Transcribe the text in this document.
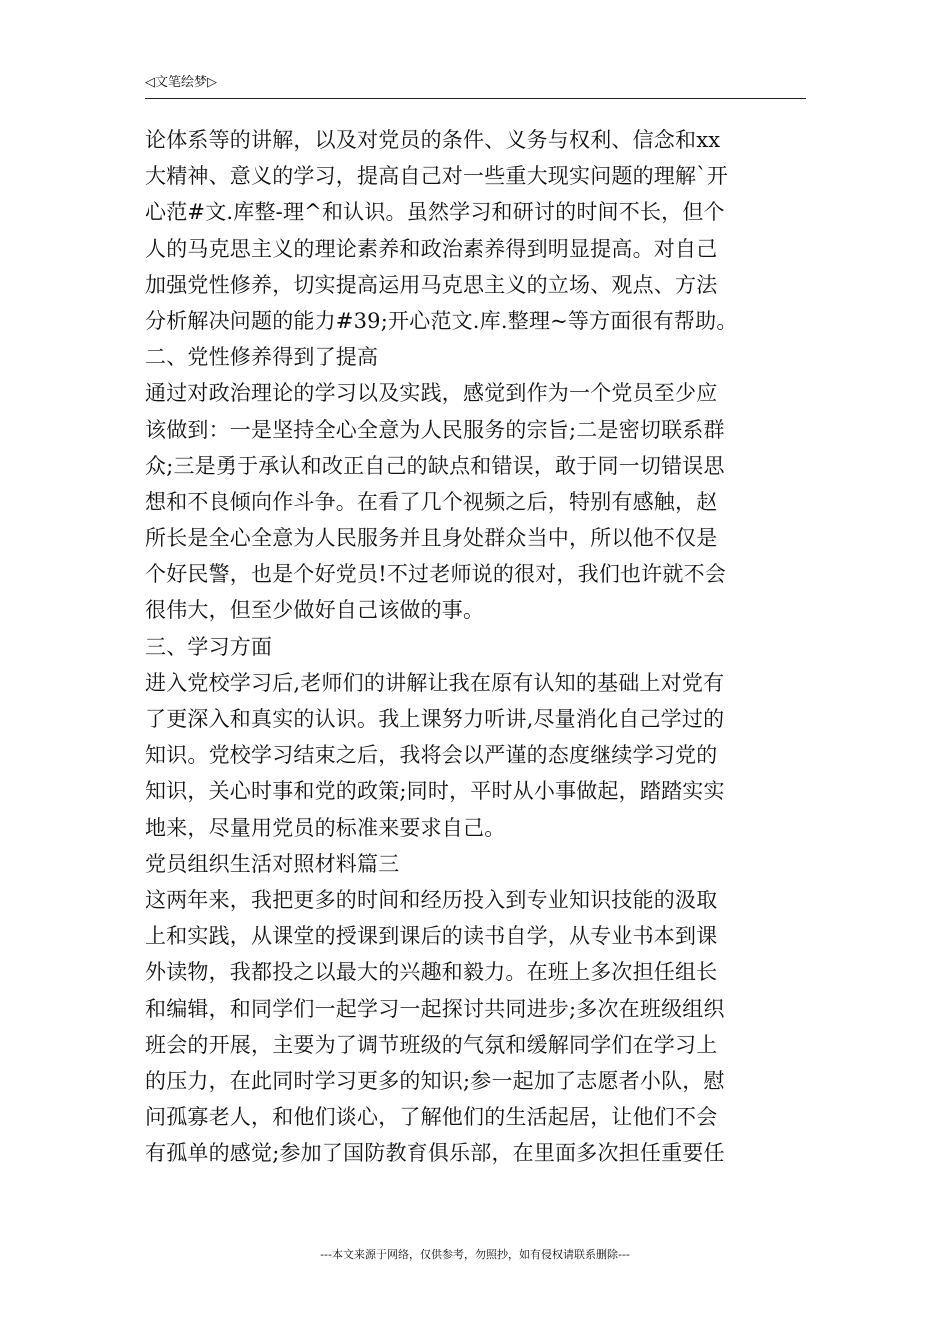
◁文笔绘梦▷
论体系等的讲解，以及对党员的条件、义务与权利、信念和xx
大精神、意义的学习，提高自己对一些重大现实问题的理解`开
心范#文.库整-理^和认识。虽然学习和研讨的时间不长，但个
人的马克思主义的理论素养和政治素养得到明显提高。对自己
加强党性修养，切实提高运用马克思主义的立场、观点、方法
分析解决问题的能力#39;开心范文.库.整理~等方面很有帮助。
二、党性修养得到了提高
通过对政治理论的学习以及实践，感觉到作为一个党员至少应
该做到：一是坚持全心全意为人民服务的宗旨;二是密切联系群
众;三是勇于承认和改正自己的缺点和错误，敢于同一切错误思
想和不良倾向作斗争。在看了几个视频之后，特别有感触，赵
所长是全心全意为人民服务并且身处群众当中，所以他不仅是
个好民警，也是个好党员!不过老师说的很对，我们也许就不会
很伟大，但至少做好自己该做的事。
三、学习方面
进入党校学习后,老师们的讲解让我在原有认知的基础上对党有
了更深入和真实的认识。我上课努力听讲,尽量消化自己学过的
知识。党校学习结束之后，我将会以严谨的态度继续学习党的
知识，关心时事和党的政策;同时，平时从小事做起，踏踏实实
地来，尽量用党员的标准来要求自己。
党员组织生活对照材料篇三
这两年来，我把更多的时间和经历投入到专业知识技能的汲取
上和实践，从课堂的授课到课后的读书自学，从专业书本到课
外读物，我都投之以最大的兴趣和毅力。在班上多次担任组长
和编辑，和同学们一起学习一起探讨共同进步;多次在班级组织
班会的开展，主要为了调节班级的气氛和缓解同学们在学习上
的压力，在此同时学习更多的知识;参一起加了志愿者小队，慰
问孤寡老人，和他们谈心，了解他们的生活起居，让他们不会
有孤单的感觉;参加了国防教育俱乐部，在里面多次担任重要任
---本文来源于网络，仅供参考，勿照抄，如有侵权请联系删除---
